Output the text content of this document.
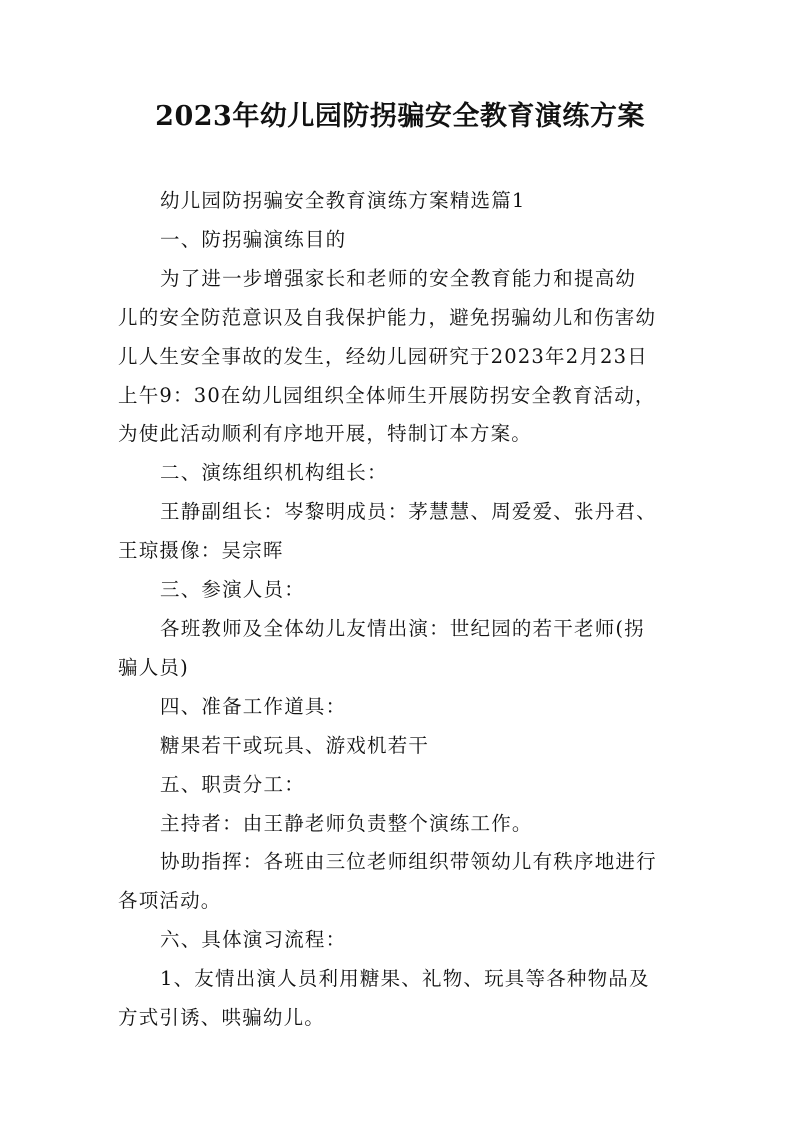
2023年幼儿园防拐骗安全教育演练方案

幼儿园防拐骗安全教育演练方案精选篇1

一、防拐骗演练目的

为了进一步增强家长和老师的安全教育能力和提高幼
儿的安全防范意识及自我保护能力，避免拐骗幼儿和伤害幼
儿人生安全事故的发生，经幼儿园研究于2023年2月23日
上午9：30在幼儿园组织全体师生开展防拐安全教育活动，
为使此活动顺利有序地开展，特制订本方案。

二、演练组织机构组长：

王静副组长：岑黎明成员：茅慧慧、周爱爱、张丹君、
王琼摄像：吴宗晖

三、参演人员：

各班教师及全体幼儿友情出演：世纪园的若干老师(拐
骗人员)

四、准备工作道具：

糖果若干或玩具、游戏机若干

五、职责分工：

主持者：由王静老师负责整个演练工作。

协助指挥：各班由三位老师组织带领幼儿有秩序地进行
各项活动。

六、具体演习流程：

1、友情出演人员利用糖果、礼物、玩具等各种物品及
方式引诱、哄骗幼儿。
